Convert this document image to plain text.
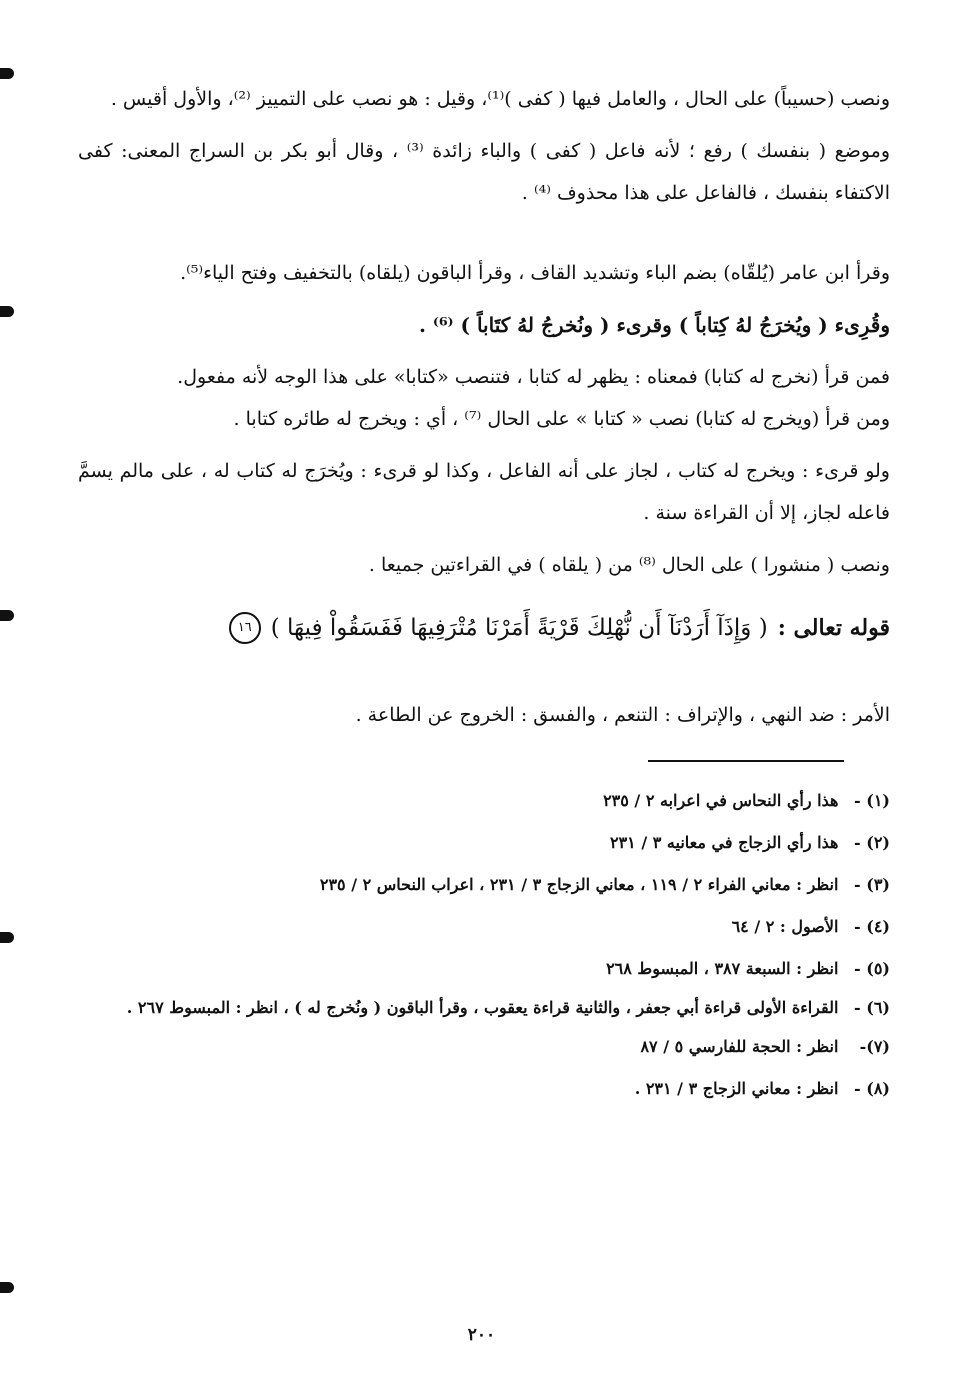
ونصب (حسيباً) على الحال ، والعامل فيها ( كفى )⁽¹⁾، وقيل : هو نصب على التمييز ⁽²⁾، والأول أقيس .

وموضع ( بنفسك ) رفع ؛ لأنه فاعل ( كفى ) والباء زائدة ⁽³⁾ ، وقال أبو بكر بن السراج المعنى: كفى الاكتفاء بنفسك ، فالفاعل على هذا محذوف ⁽⁴⁾ .

وقرأ ابن عامر (يُلقّاه) بضم الباء وتشديد القاف ، وقرأ الباقون (يلقاه) بالتخفيف وفتح الياء⁽⁵⁾.

وقُرِىء ( ويُخرَجُ لهُ كِتاباً ) وقرىء ( ونُخرجُ لهُ كتَاباً ) ⁽⁶⁾ .

فمن قرأ (نخرج له كتابا) فمعناه : يظهر له كتابا ، فتنصب «كتابا» على هذا الوجه لأنه مفعول.

ومن قرأ (ويخرج له كتابا) نصب « كتابا » على الحال ⁽⁷⁾ ، أي : ويخرج له طائره كتابا .

ولو قرىء : ويخرج له كتاب ، لجاز على أنه الفاعل ، وكذا لو قرىء : ويُخرَج له كتاب له ، على مالم يسمَّ فاعله لجاز، إلا أن القراءة سنة .

ونصب ( منشورا ) على الحال ⁽⁸⁾ من ( يلقاه ) في القراءتين جميعا .

قوله تعالى :
( وَإِذَآ أَرَدْنَآ أَن نُّهْلِكَ قَرْيَةً أَمَرْنَا مُتْرَفِيهَا فَفَسَقُواْ فِيهَا )
١٦

الأمر : ضد النهي ، والإتراف : التنعم ، والفسق : الخروج عن الطاعة .

(١) - هذا رأي النحاس في اعرابه ٢ / ٢٣٥

(٢) - هذا رأي الزجاج في معانيه ٣ / ٢٣١

(٣) - انظر : معاني الفراء ٢ / ١١٩ ، معاني الزجاج ٣ / ٢٣١ ، اعراب النحاس ٢ / ٢٣٥

(٤) - الأصول : ٢ / ٦٤

(٥) - انظر : السبعة ٣٨٧ ، المبسوط ٢٦٨

(٦) - القراءة الأولى قراءة أبي جعفر ، والثانية قراءة يعقوب ، وقرأ الباقون ( ونُخرج له ) ، انظر : المبسوط ٢٦٧ .

(٧)- انظر : الحجة للفارسي ٥ / ٨٧

(٨) - انظر : معاني الزجاج ٣ / ٢٣١ .

٢٠٠
